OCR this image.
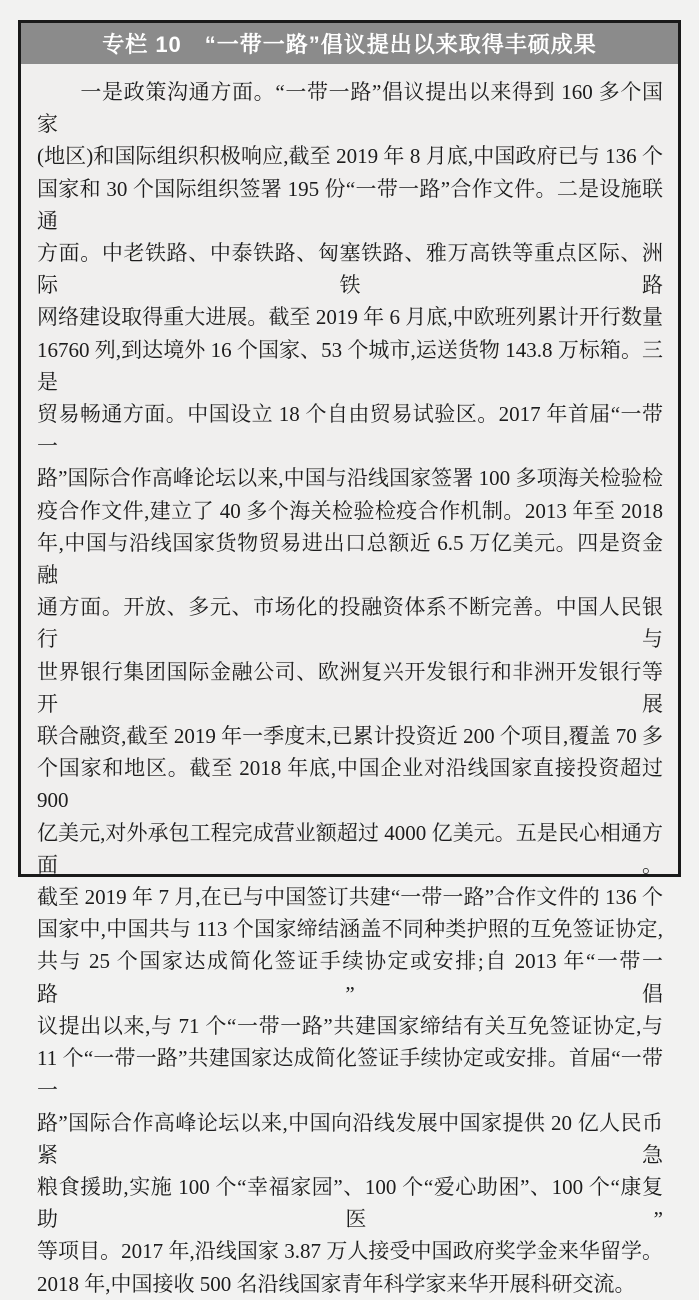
专栏 10　“一带一路”倡议提出以来取得丰硕成果
　　一是政策沟通方面。“一带一路”倡议提出以来得到 160 多个国家
(地区)和国际组织积极响应,截至 2019 年 8 月底,中国政府已与 136 个
国家和 30 个国际组织签署 195 份“一带一路”合作文件。二是设施联通
方面。中老铁路、中泰铁路、匈塞铁路、雅万高铁等重点区际、洲际铁路
网络建设取得重大进展。截至 2019 年 6 月底,中欧班列累计开行数量
16760 列,到达境外 16 个国家、53 个城市,运送货物 143.8 万标箱。三是
贸易畅通方面。中国设立 18 个自由贸易试验区。2017 年首届“一带一
路”国际合作高峰论坛以来,中国与沿线国家签署 100 多项海关检验检
疫合作文件,建立了 40 多个海关检验检疫合作机制。2013 年至 2018
年,中国与沿线国家货物贸易进出口总额近 6.5 万亿美元。四是资金融
通方面。开放、多元、市场化的投融资体系不断完善。中国人民银行与
世界银行集团国际金融公司、欧洲复兴开发银行和非洲开发银行等开展
联合融资,截至 2019 年一季度末,已累计投资近 200 个项目,覆盖 70 多
个国家和地区。截至 2018 年底,中国企业对沿线国家直接投资超过 900
亿美元,对外承包工程完成营业额超过 4000 亿美元。五是民心相通方面。
截至 2019 年 7 月,在已与中国签订共建“一带一路”合作文件的 136 个
国家中,中国共与 113 个国家缔结涵盖不同种类护照的互免签证协定,
共与 25 个国家达成简化签证手续协定或安排;自 2013 年“一带一路”倡
议提出以来,与 71 个“一带一路”共建国家缔结有关互免签证协定,与
11 个“一带一路”共建国家达成简化签证手续协定或安排。首届“一带一
路”国际合作高峰论坛以来,中国向沿线发展中国家提供 20 亿人民币紧急
粮食援助,实施 100 个“幸福家园”、100 个“爱心助困”、100 个“康复助医”
等项目。2017 年,沿线国家 3.87 万人接受中国政府奖学金来华留学。
2018 年,中国接收 500 名沿线国家青年科学家来华开展科研交流。
